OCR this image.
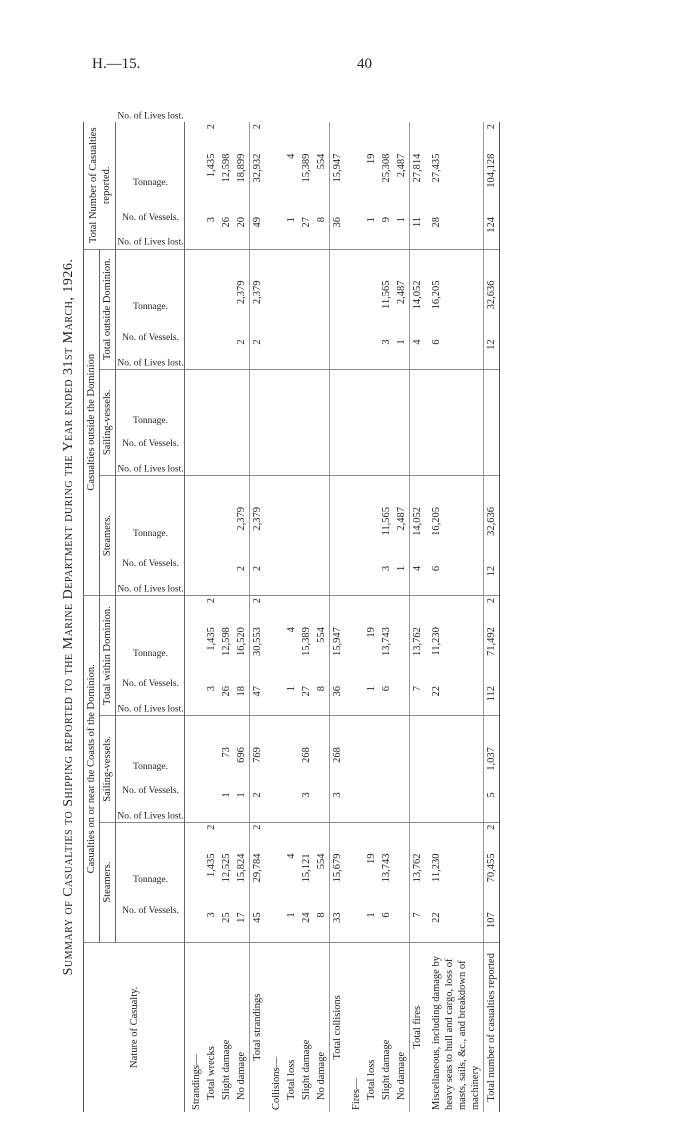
H.—15.	40
Summary of Casualties to Shipping reported to the Marine Department during the Year ended 31st March, 1926.
Nature of Casualty.	Casualties on or near the Coasts of the Dominion.									Casualties outside the Dominion									Total Number of Casualties reported.		
	Steamers.			Sailing-vessels.			Total within Dominion.			Steamers.			Sailing-vessels.			Total outside Dominion.					
	No. of Vessels.	Tonnage.	No. of Lives lost.	No. of Vessels.	Tonnage.	No. of Lives lost.	No. of Vessels.	Tonnage.	No. of Lives lost.	No. of Vessels.	Tonnage.	No. of Lives lost.	No. of Vessels.	Tonnage.	No. of Lives lost.	No. of Vessels.	Tonnage.	No. of Lives lost.	No. of Vessels.	Tonnage.	No. of Lives lost.
Strandings—																					
Total wrecks	3	1,435	2				3	1,435	2										3	1,435	2
Slight damage	25	12,525		1	73		26	12,598											26	12,598	
No damage	17	15,824		1	696		18	16,520		2	2,379					2	2,379		20	18,899	
Total strandings	45	29,784	2	2	769		47	30,553	2	2	2,379					2	2,379		49	32,932	2
Collisions—																					
Total loss	1	4					1	4											1	4	
Slight damage	24	15,121		3	268		27	15,389											27	15,389	
No damage	8	554					8	554											8	554	
Total collisions	33	15,679		3	268		36	15,947											36	15,947	
Fires—																					
Total loss	1	19					1	19											1	19	
Slight damage	6	13,743					6	13,743		3	11,565					3	11,565		9	25,308	
No damage										1	2,487					1	2,487		1	2,487	
Total fires	7	13,762					7	13,762		4	14,052					4	14,052		11	27,814	
Miscellaneous, including damage by heavy seas to hull and cargo, loss of masts, sails, &c., and breakdown of machinery	22	11,230					22	11,230		6	16,205					6	16,205		28	27,435	
Total number of casualties reported	107	70,455	2	5	1,037		112	71,492	2	12	32,636					12	32,636		124	104,128	2
